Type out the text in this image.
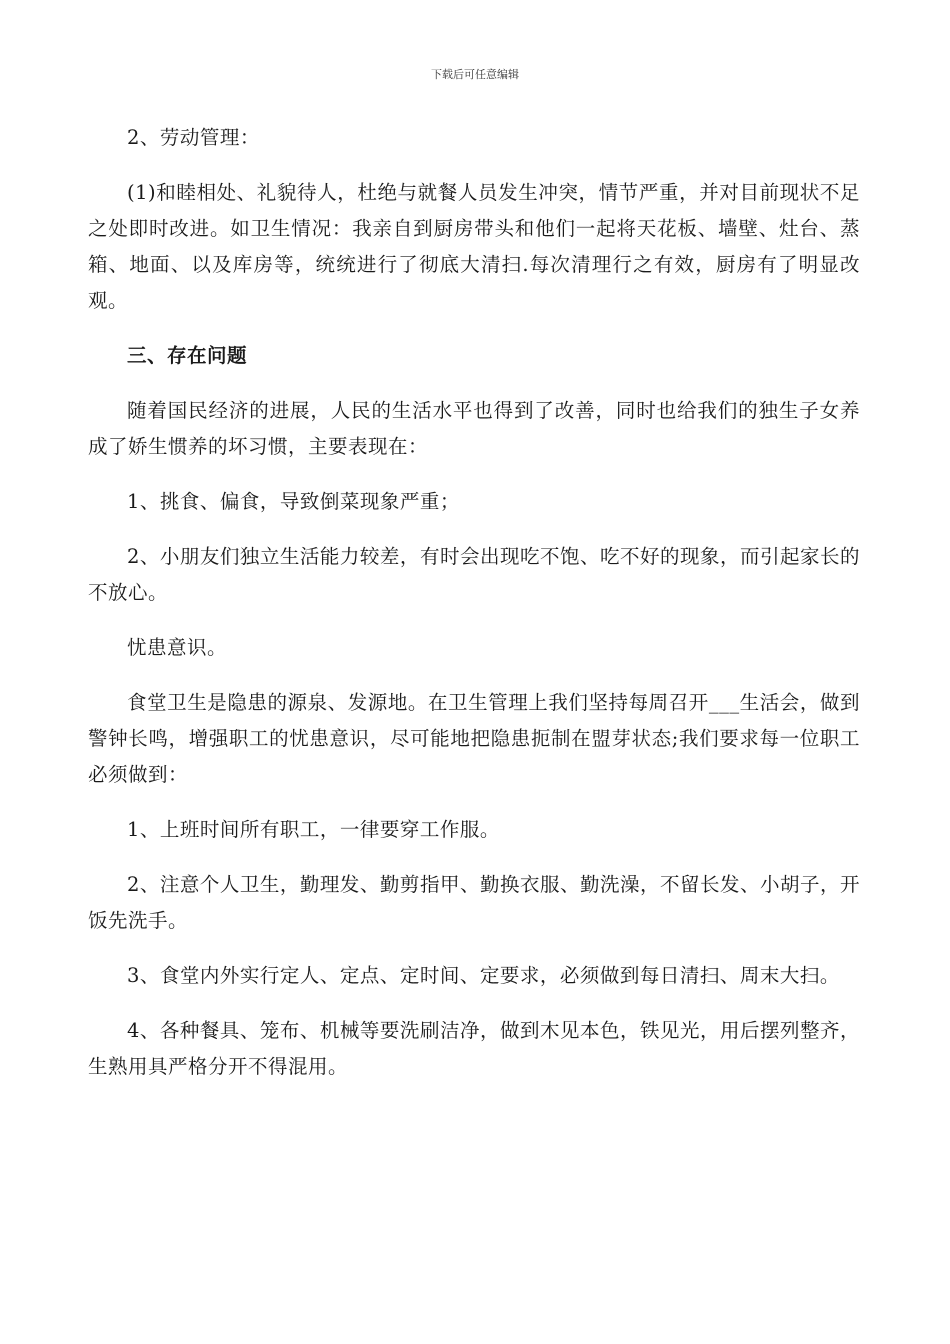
下载后可任意编辑

2、劳动管理：

(1)和睦相处、礼貌待人，杜绝与就餐人员发生冲突，情节严重，并对目前现状不足之处即时改进。如卫生情况：我亲自到厨房带头和他们一起将天花板、墙壁、灶台、蒸箱、地面、以及库房等，统统进行了彻底大清扫.每次清理行之有效，厨房有了明显改观。

三、存在问题

随着国民经济的进展，人民的生活水平也得到了改善，同时也给我们的独生子女养成了娇生惯养的坏习惯，主要表现在：

1、挑食、偏食，导致倒菜现象严重；

2、小朋友们独立生活能力较差，有时会出现吃不饱、吃不好的现象，而引起家长的不放心。

忧患意识。

食堂卫生是隐患的源泉、发源地。在卫生管理上我们坚持每周召开___生活会，做到警钟长鸣，增强职工的忧患意识，尽可能地把隐患扼制在盟芽状态;我们要求每一位职工必须做到：

1、上班时间所有职工，一律要穿工作服。

2、注意个人卫生，勤理发、勤剪指甲、勤换衣服、勤洗澡，不留长发、小胡子，开饭先洗手。

3、食堂内外实行定人、定点、定时间、定要求，必须做到每日清扫、周末大扫。

4、各种餐具、笼布、机械等要洗刷洁净，做到木见本色，铁见光，用后摆列整齐，生熟用具严格分开不得混用。
